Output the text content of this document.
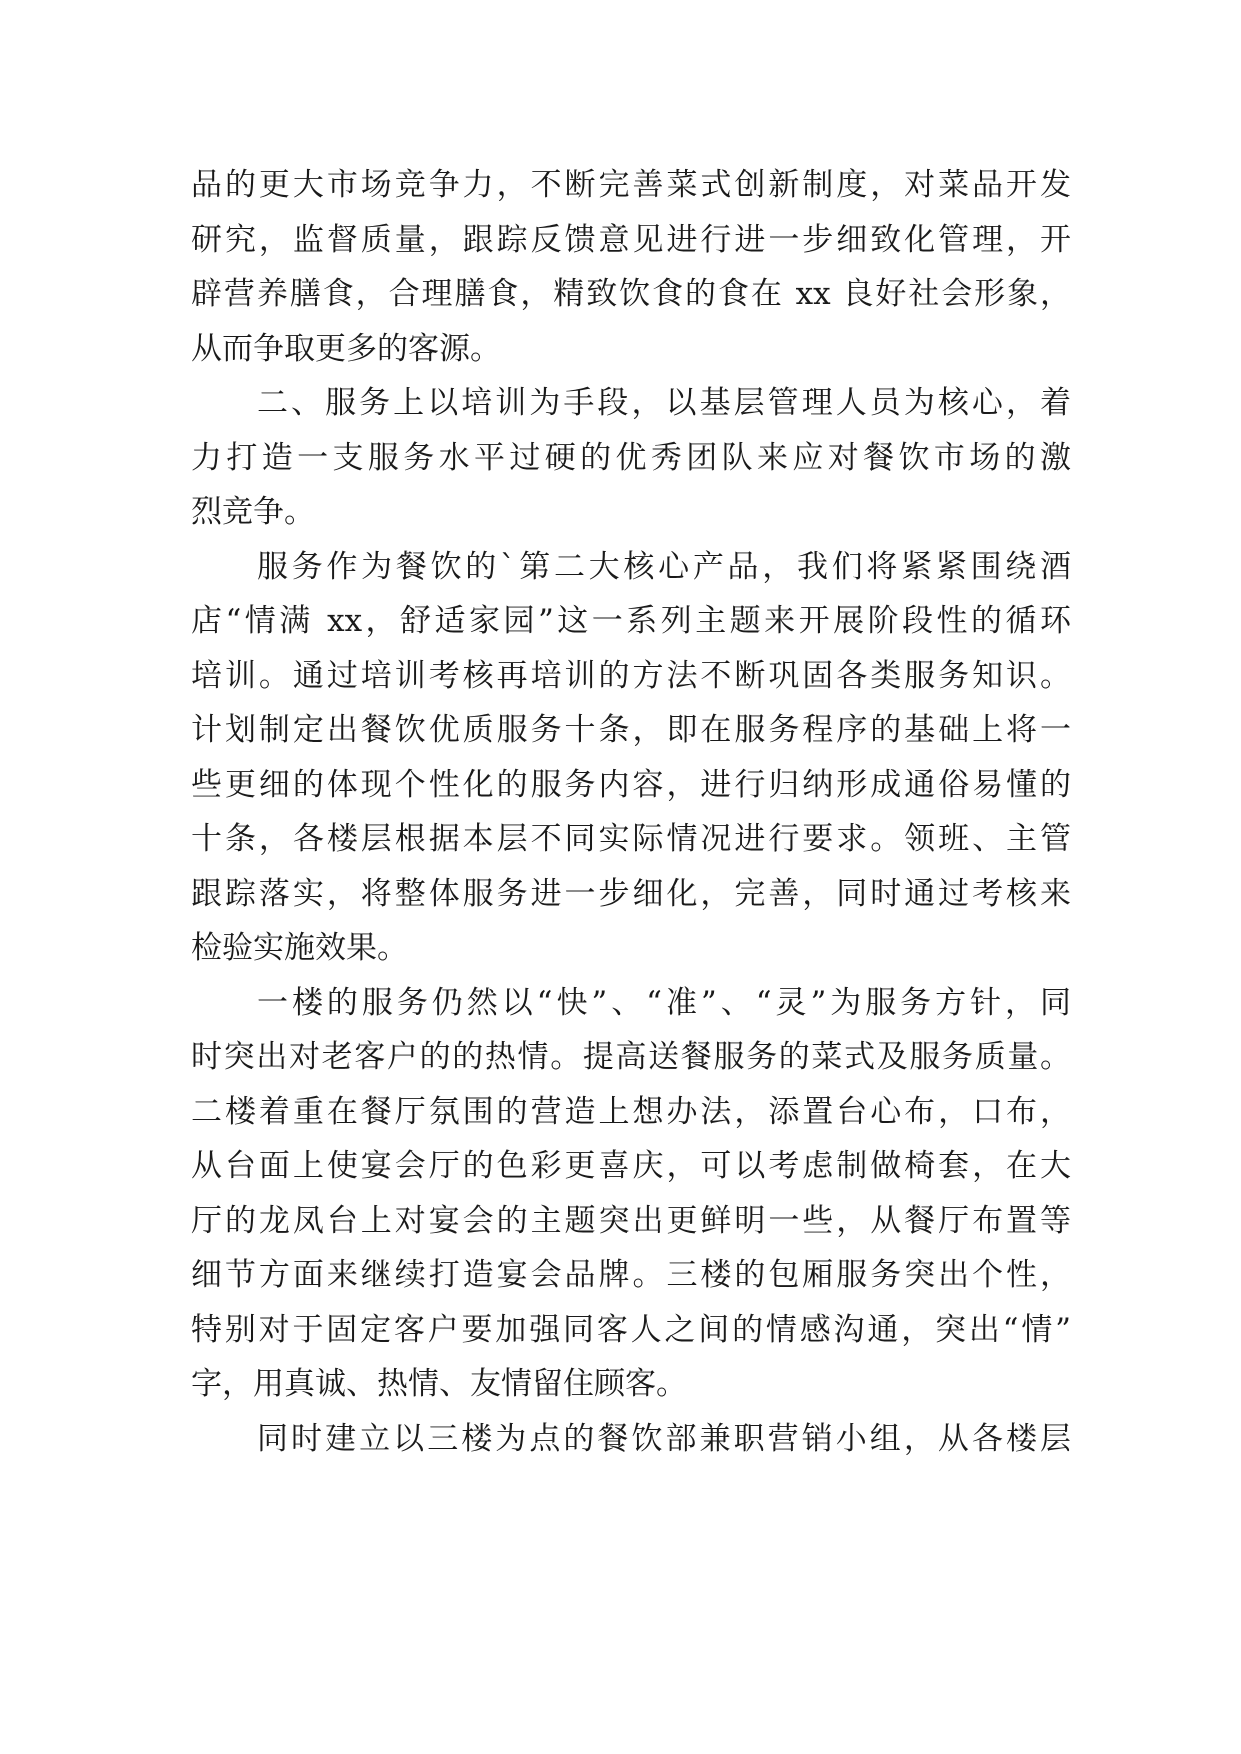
品的更大市场竞争力，不断完善菜式创新制度，对菜品开发
研究，监督质量，跟踪反馈意见进行进一步细致化管理，开
辟营养膳食，合理膳食，精致饮食的食在 xx 良好社会形象，
从而争取更多的客源。
二、服务上以培训为手段，以基层管理人员为核心，着
力打造一支服务水平过硬的优秀团队来应对餐饮市场的激
烈竞争。
服务作为餐饮的`第二大核心产品，我们将紧紧围绕酒
店“情满 xx，舒适家园”这一系列主题来开展阶段性的循环
培训。通过培训考核再培训的方法不断巩固各类服务知识。
计划制定出餐饮优质服务十条，即在服务程序的基础上将一
些更细的体现个性化的服务内容，进行归纳形成通俗易懂的
十条，各楼层根据本层不同实际情况进行要求。领班、主管
跟踪落实，将整体服务进一步细化，完善，同时通过考核来
检验实施效果。
一楼的服务仍然以“快”、“准”、“灵”为服务方针，同
时突出对老客户的的热情。提高送餐服务的菜式及服务质量。
二楼着重在餐厅氛围的营造上想办法，添置台心布，口布，
从台面上使宴会厅的色彩更喜庆，可以考虑制做椅套，在大
厅的龙凤台上对宴会的主题突出更鲜明一些，从餐厅布置等
细节方面来继续打造宴会品牌。三楼的包厢服务突出个性，
特别对于固定客户要加强同客人之间的情感沟通，突出“情”
字，用真诚、热情、友情留住顾客。
同时建立以三楼为点的餐饮部兼职营销小组，从各楼层
